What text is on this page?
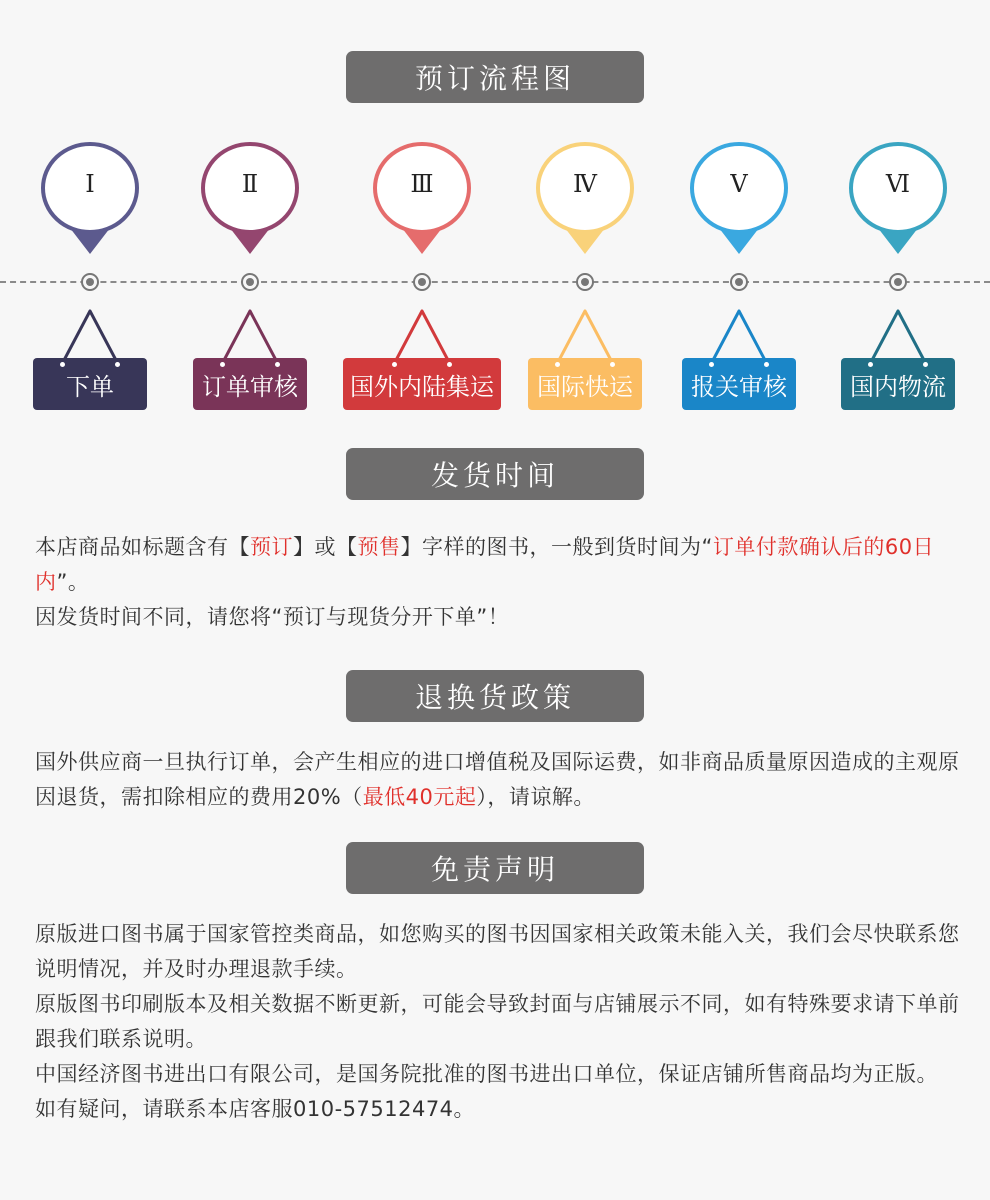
预订流程图
Ⅰ	Ⅱ	Ⅲ	Ⅳ	Ⅴ	Ⅵ
下单	订单审核 国外内陆集运 国际快运 报关审核	国内物流
发货时间

本店商品如标题含有【预订】或【预售】字样的图书，一般到货时间为“订单付款确认后的60日内”。

因发货时间不同，请您将“预订与现货分开下单”！

退换货政策

国外供应商一旦执行订单，会产生相应的进口增值税及国际运费，如非商品质量原因造成的主观原因退货，需扣除相应的费用20%（最低40元起），请谅解。

免责声明

原版进口图书属于国家管控类商品，如您购买的图书因国家相关政策未能入关，我们会尽快联系您说明情况，并及时办理退款手续。

原版图书印刷版本及相关数据不断更新，可能会导致封面与店铺展示不同，如有特殊要求请下单前跟我们联系说明。

中国经济图书进出口有限公司，是国务院批准的图书进出口单位，保证店铺所售商品均为正版。

如有疑问，请联系本店客服010-57512474。
